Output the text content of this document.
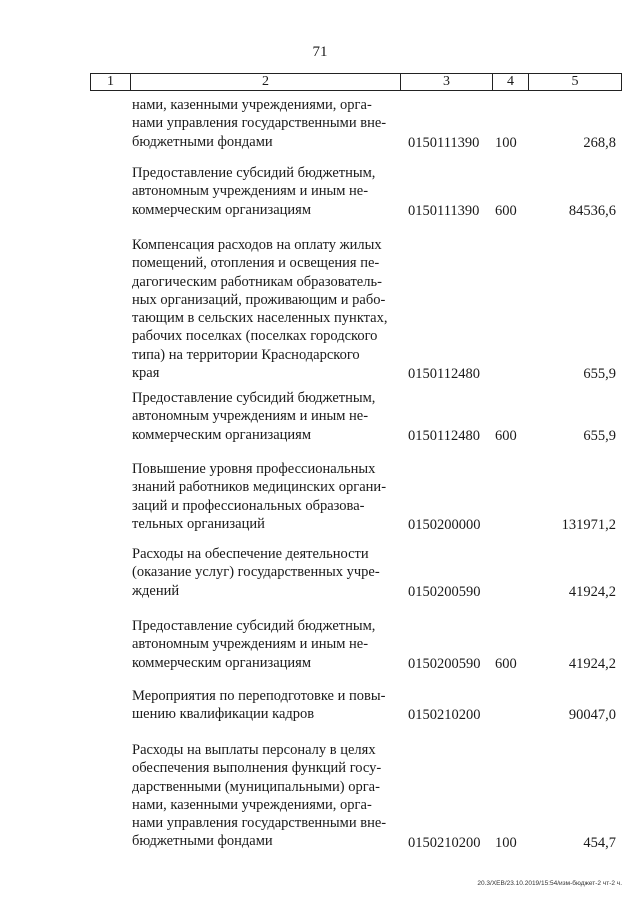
71
1	2	3	4	5
нами, казенными учреждениями, орга-
нами управления государственными вне-
бюджетными фондами	0150111390 100	268,8
Предоставление субсидий бюджетным,
автономным учреждениям и иным не-
коммерческим организациям	0150111390 600	84536,6
Компенсация расходов на оплату жилых
помещений, отопления и освещения пе-
дагогическим работникам образователь-
ных организаций, проживающим и рабо-
тающим в сельских населенных пунктах,
рабочих поселках (поселках городского
типа) на территории Краснодарского
края	0150112480	655,9
Предоставление субсидий бюджетным,
автономным учреждениям и иным не-
коммерческим организациям	0150112480 600	655,9
Повышение уровня профессиональных
знаний работников медицинских органи-
заций и профессиональных образова-
тельных организаций	0150200000	131971,2
Расходы на обеспечение деятельности
(оказание услуг) государственных учре-
ждений	0150200590	41924,2
Предоставление субсидий бюджетным,
автономным учреждениям и иным не-
коммерческим организациям	0150200590 600	41924,2
Мероприятия по переподготовке и повы-
шению квалификации кадров	0150210200	90047,0
Расходы на выплаты персоналу в целях
обеспечения выполнения функций госу-
дарственными (муниципальными) орга-
нами, казенными учреждениями, орга-
нами управления государственными вне-
бюджетными фондами	0150210200 100	454,7
20.3/ХЕВ/23.10.2019/15:54/изм-бюджет-2 чт-2 ч.
